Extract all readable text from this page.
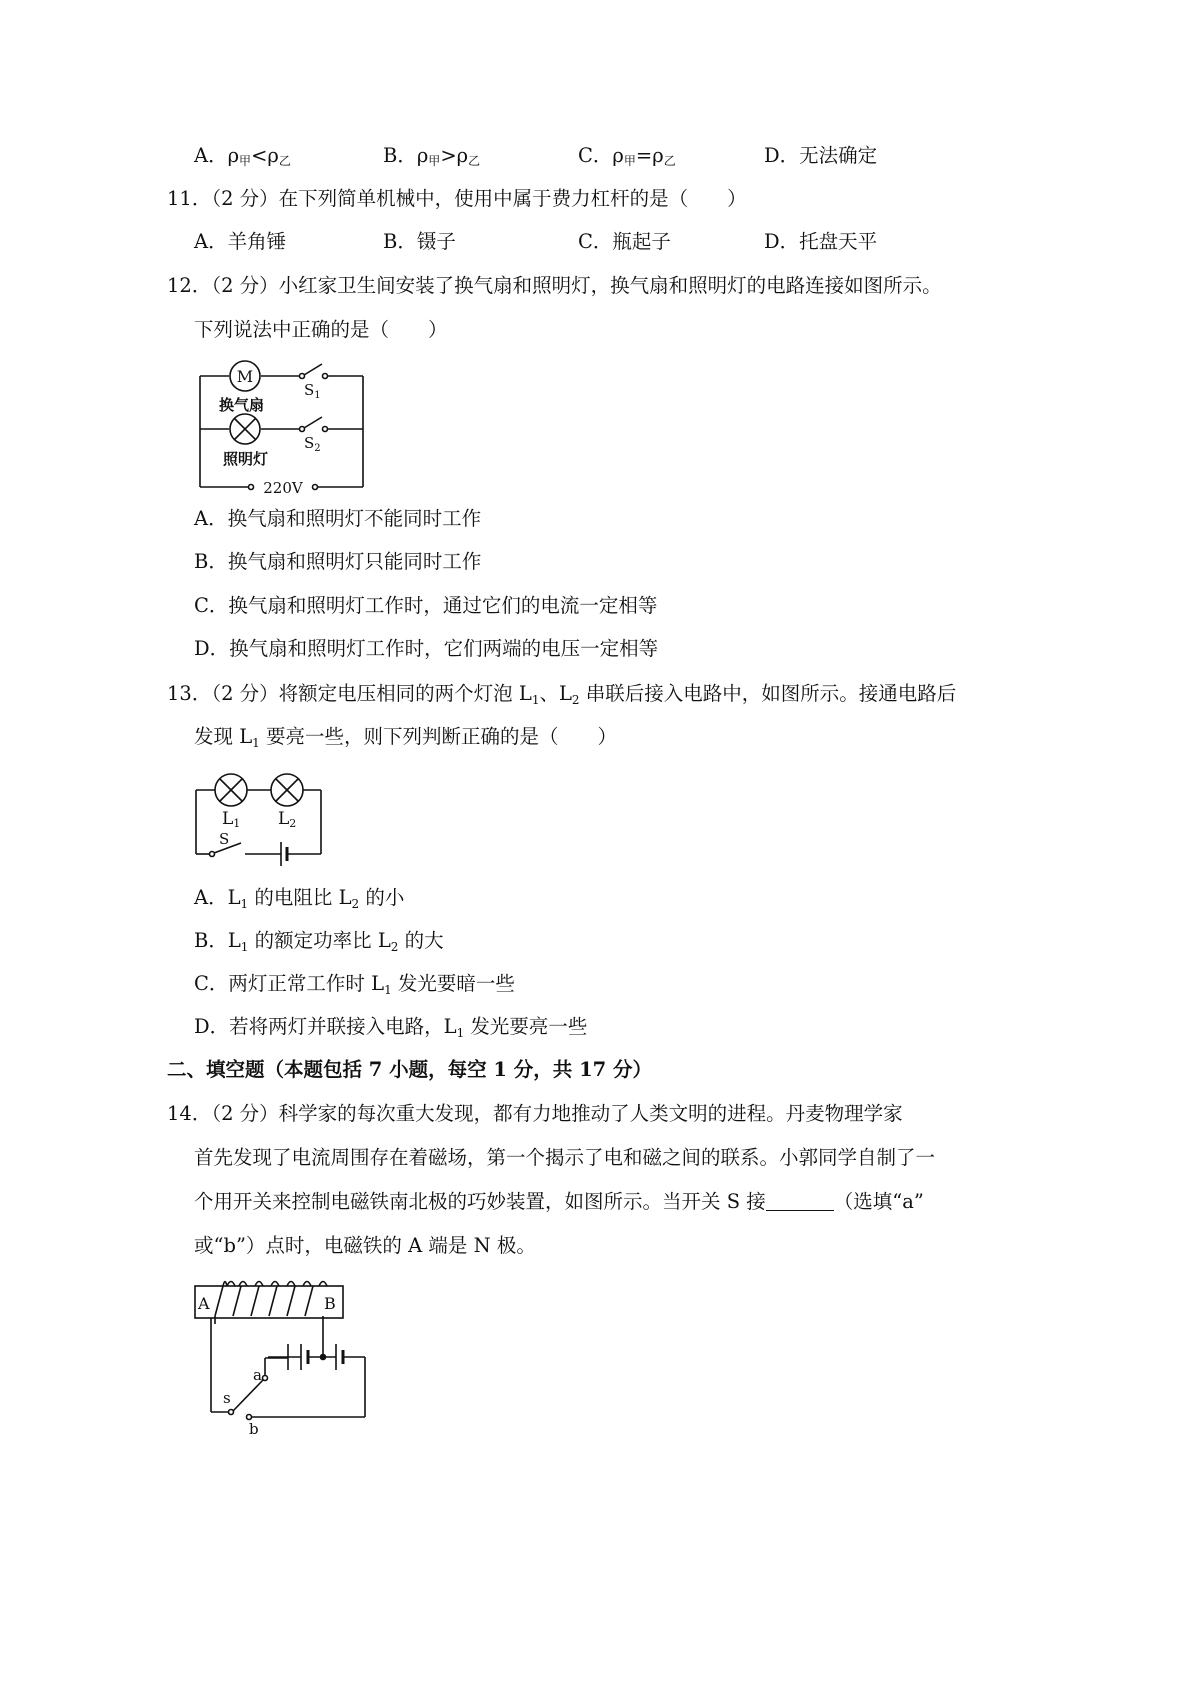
A．ρ甲<ρ乙	B．ρ甲>ρ乙	C．ρ甲=ρ乙	D．无法确定
11．（2 分）在下列简单机械中，使用中属于费力杠杆的是（　　）
A．羊角锤	B．镊子	C．瓶起子	D．托盘天平
12．（2 分）小红家卫生间安装了换气扇和照明灯，换气扇和照明灯的电路连接如图所示。
下列说法中正确的是（　　）
M
换气扇
照明灯
$S_1$
$S_2$
220V
A．换气扇和照明灯不能同时工作
B．换气扇和照明灯只能同时工作
C．换气扇和照明灯工作时，通过它们的电流一定相等
D．换气扇和照明灯工作时，它们两端的电压一定相等
13．（2 分）将额定电压相同的两个灯泡 $L_1$、$L_2$ 串联后接入电路中，如图所示。接通电路后
发现 $L_1$ 要亮一些，则下列判断正确的是（　　）
L1 L2
S
A．$L_1$ 的电阻比 $L_2$ 的小
B．$L_1$ 的额定功率比 $L_2$ 的大
C．两灯正常工作时 $L_1$ 发光要暗一些
D．若将两灯并联接入电路，$L_1$ 发光要亮一些
二、填空题（本题包括 7 小题，每空 1 分，共 17 分）
14．（2 分）科学家的每次重大发现，都有力地推动了人类文明的进程。丹麦物理学家
首先发现了电流周围存在着磁场，第一个揭示了电和磁之间的联系。小郭同学自制了一
个用开关来控制电磁铁南北极的巧妙装置，如图所示。当开关 S 接	（选填“a”
或“b”）点时，电磁铁的 A 端是 N 极。
A	B
s
a
b
